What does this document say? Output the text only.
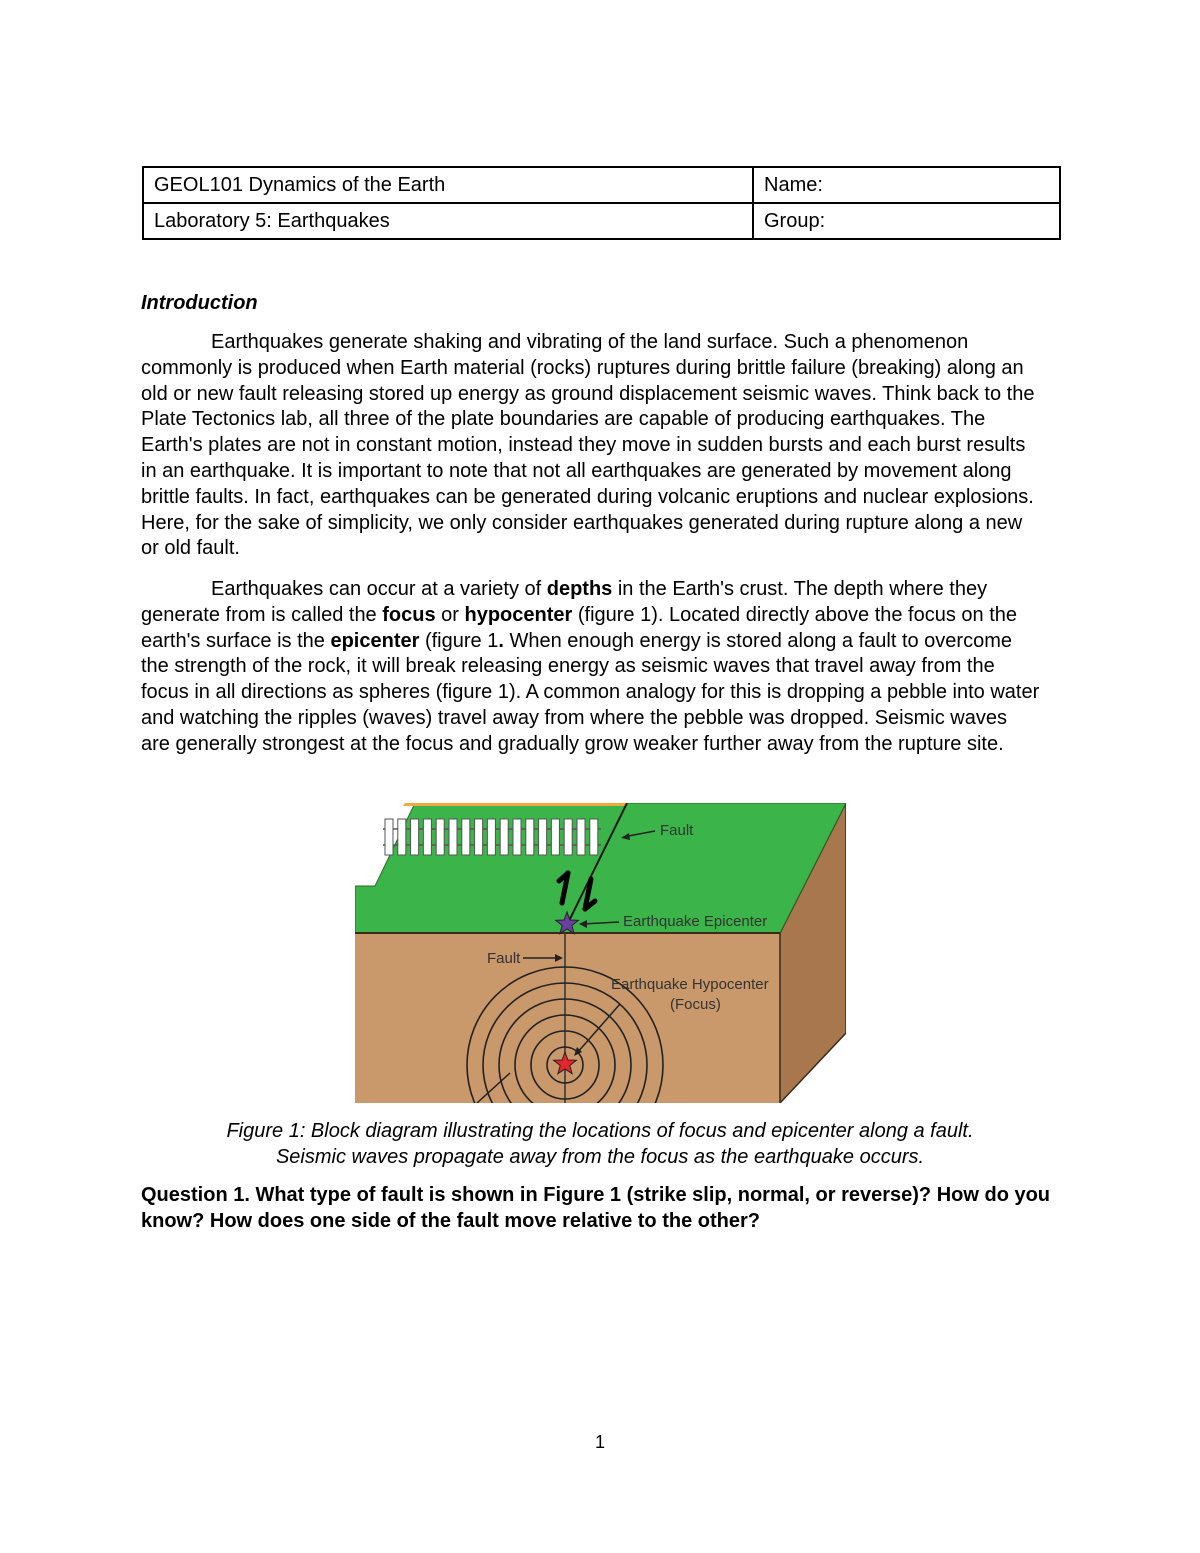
GEOL101 Dynamics of the Earth	Name:
Laboratory 5: Earthquakes	Group:
Introduction

Earthquakes generate shaking and vibrating of the land surface. Such a phenomenon commonly is produced when Earth material (rocks) ruptures during brittle failure (breaking) along an old or new fault releasing stored up energy as ground displacement seismic waves. Think back to the Plate Tectonics lab, all three of the plate boundaries are capable of producing earthquakes. The Earth's plates are not in constant motion, instead they move in sudden bursts and each burst results in an earthquake. It is important to note that not all earthquakes are generated by movement along brittle faults. In fact, earthquakes can be generated during volcanic eruptions and nuclear explosions. Here, for the sake of simplicity, we only consider earthquakes generated during rupture along a new or old fault.

Earthquakes can occur at a variety of depths in the Earth's crust. The depth where they generate from is called the focus or hypocenter (figure 1). Located directly above the focus on the earth's surface is the epicenter (figure 1. When enough energy is stored along a fault to overcome the strength of the rock, it will break releasing energy as seismic waves that travel away from the focus in all directions as spheres (figure 1). A common analogy for this is dropping a pebble into water and watching the ripples (waves) travel away from where the pebble was dropped. Seismic waves are generally strongest at the focus and gradually grow weaker further away from the rupture site.

Fault
Earthquake Epicenter
Fault
Earthquake Hypocenter
(Focus)

Figure 1: Block diagram illustrating the locations of focus and epicenter along a fault.
Seismic waves propagate away from the focus as the earthquake occurs.

Question 1. What type of fault is shown in Figure 1 (strike slip, normal, or reverse)? How do you know? How does one side of the fault move relative to the other?

1
